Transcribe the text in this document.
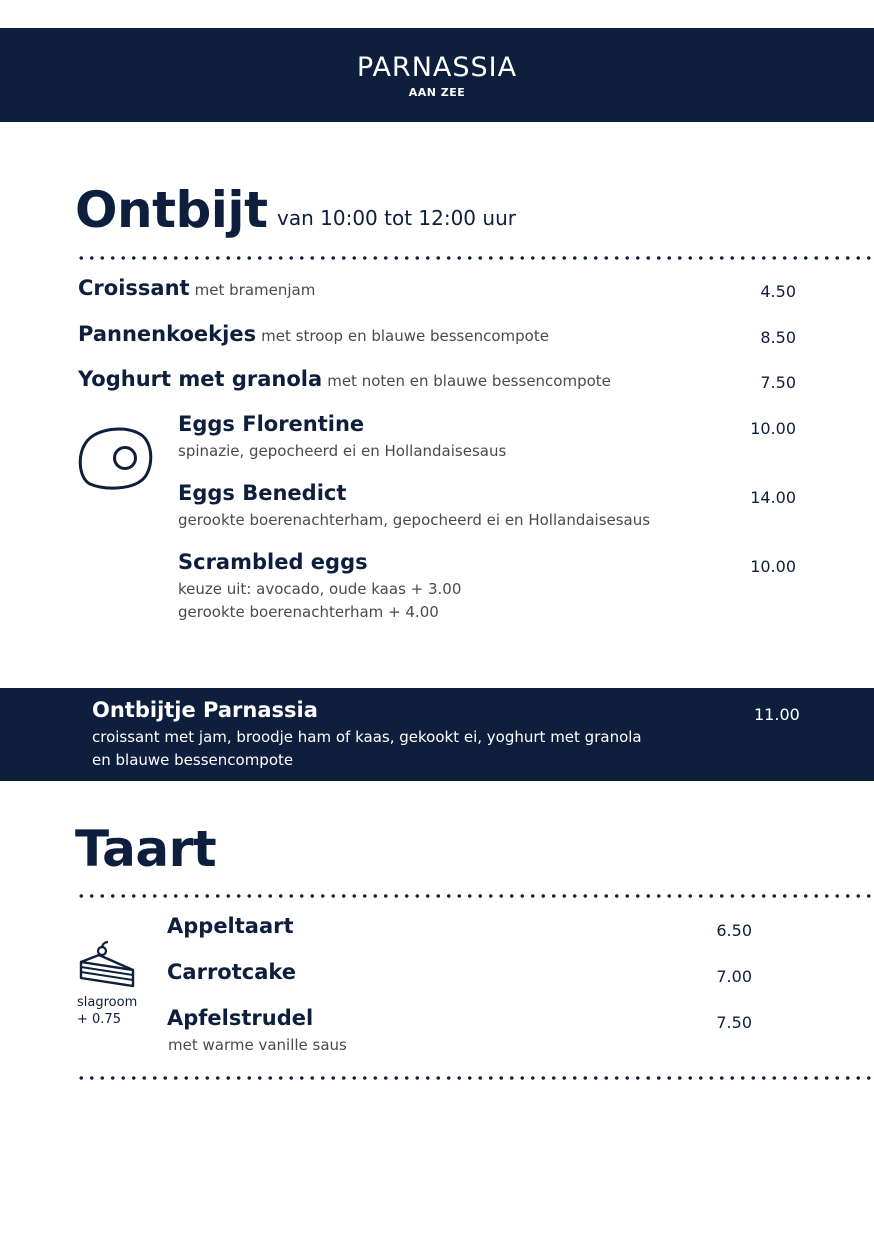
PARNASSIA
AAN ZEE
Ontbijt van 10:00 tot 12:00 uur
Croissant met bramenjam	4.50
Pannenkoekjes met stroop en blauwe bessencompote	8.50
Yoghurt met granola met noten en blauwe bessencompote	7.50
Eggs Florentine
spinazie, gepocheerd ei en Hollandaisesaus
10.00
Eggs Benedict
gerookte boerenachterham, gepocheerd ei en Hollandaisesaus
14.00
Scrambled eggs
keuze uit: avocado, oude kaas + 3.00
gerookte boerenachterham + 4.00
10.00
Ontbijtje Parnassia	11.00
croissant met jam, broodje ham of kaas, gekookt ei, yoghurt met granola
en blauwe bessencompote
Taart
slagroom
+ 0.75
Appeltaart	6.50
Carrotcake	7.00
Apfelstrudel	7.50
met warme vanille saus
